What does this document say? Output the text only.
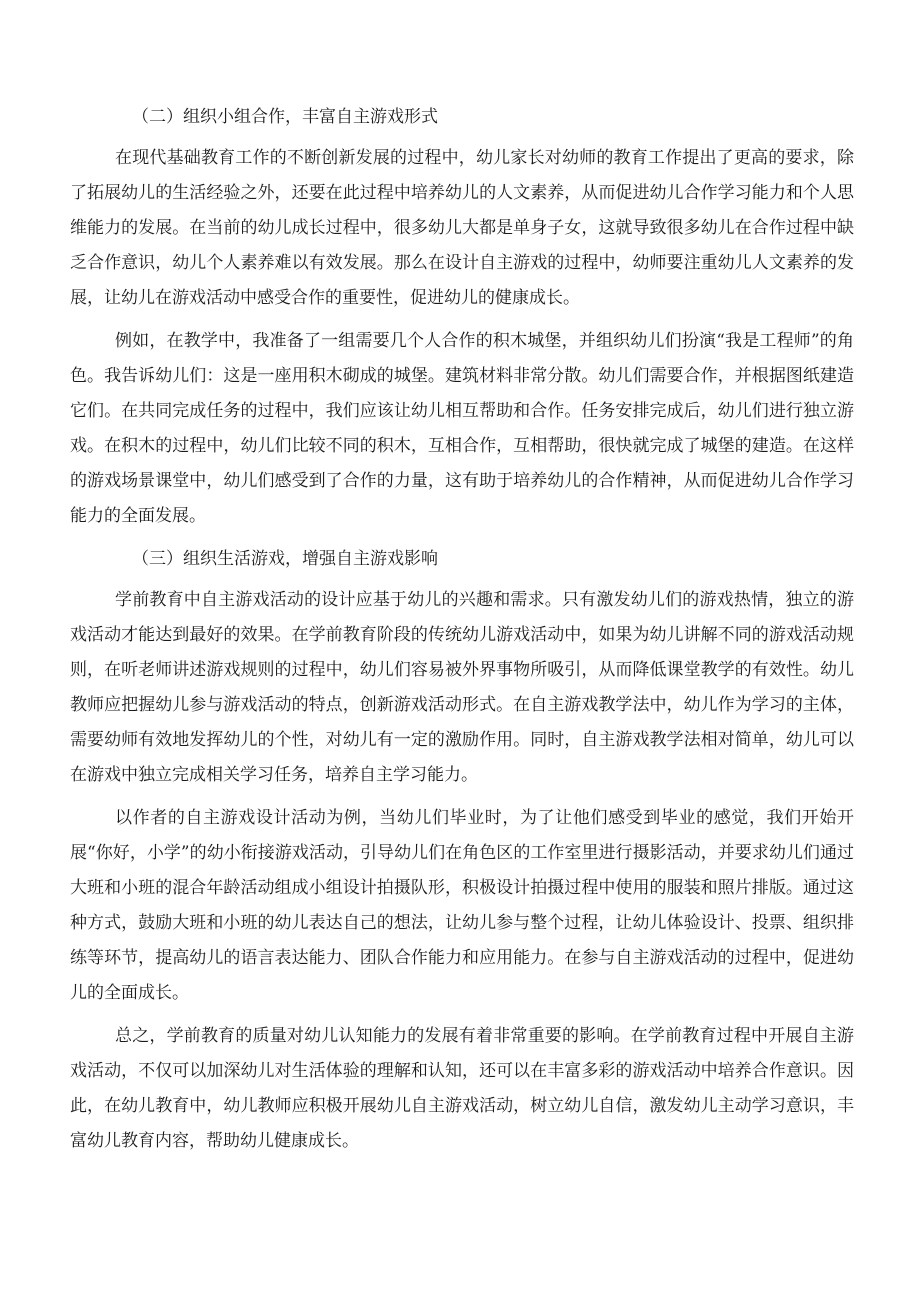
（二）组织小组合作，丰富自主游戏形式

在现代基础教育工作的不断创新发展的过程中，幼儿家长对幼师的教育工作提出了更高的要求，除了拓展幼儿的生活经验之外，还要在此过程中培养幼儿的人文素养，从而促进幼儿合作学习能力和个人思维能力的发展。在当前的幼儿成长过程中，很多幼儿大都是单身子女，这就导致很多幼儿在合作过程中缺乏合作意识，幼儿个人素养难以有效发展。那么在设计自主游戏的过程中，幼师要注重幼儿人文素养的发展，让幼儿在游戏活动中感受合作的重要性，促进幼儿的健康成长。

例如，在教学中，我准备了一组需要几个人合作的积木城堡，并组织幼儿们扮演“我是工程师”的角色。我告诉幼儿们：这是一座用积木砌成的城堡。建筑材料非常分散。幼儿们需要合作，并根据图纸建造它们。在共同完成任务的过程中，我们应该让幼儿相互帮助和合作。任务安排完成后，幼儿们进行独立游戏。在积木的过程中，幼儿们比较不同的积木，互相合作，互相帮助，很快就完成了城堡的建造。在这样的游戏场景课堂中，幼儿们感受到了合作的力量，这有助于培养幼儿的合作精神，从而促进幼儿合作学习能力的全面发展。

（三）组织生活游戏，增强自主游戏影响

学前教育中自主游戏活动的设计应基于幼儿的兴趣和需求。只有激发幼儿们的游戏热情，独立的游戏活动才能达到最好的效果。在学前教育阶段的传统幼儿游戏活动中，如果为幼儿讲解不同的游戏活动规则，在听老师讲述游戏规则的过程中，幼儿们容易被外界事物所吸引，从而降低课堂教学的有效性。幼儿教师应把握幼儿参与游戏活动的特点，创新游戏活动形式。在自主游戏教学法中，幼儿作为学习的主体，需要幼师有效地发挥幼儿的个性，对幼儿有一定的激励作用。同时，自主游戏教学法相对简单，幼儿可以在游戏中独立完成相关学习任务，培养自主学习能力。

以作者的自主游戏设计活动为例，当幼儿们毕业时，为了让他们感受到毕业的感觉，我们开始开展“你好，小学”的幼小衔接游戏活动，引导幼儿们在角色区的工作室里进行摄影活动，并要求幼儿们通过大班和小班的混合年龄活动组成小组设计拍摄队形，积极设计拍摄过程中使用的服装和照片排版。通过这种方式，鼓励大班和小班的幼儿表达自己的想法，让幼儿参与整个过程，让幼儿体验设计、投票、组织排练等环节，提高幼儿的语言表达能力、团队合作能力和应用能力。在参与自主游戏活动的过程中，促进幼儿的全面成长。

总之，学前教育的质量对幼儿认知能力的发展有着非常重要的影响。在学前教育过程中开展自主游戏活动，不仅可以加深幼儿对生活体验的理解和认知，还可以在丰富多彩的游戏活动中培养合作意识。因此，在幼儿教育中，幼儿教师应积极开展幼儿自主游戏活动，树立幼儿自信，激发幼儿主动学习意识，丰富幼儿教育内容，帮助幼儿健康成长。
